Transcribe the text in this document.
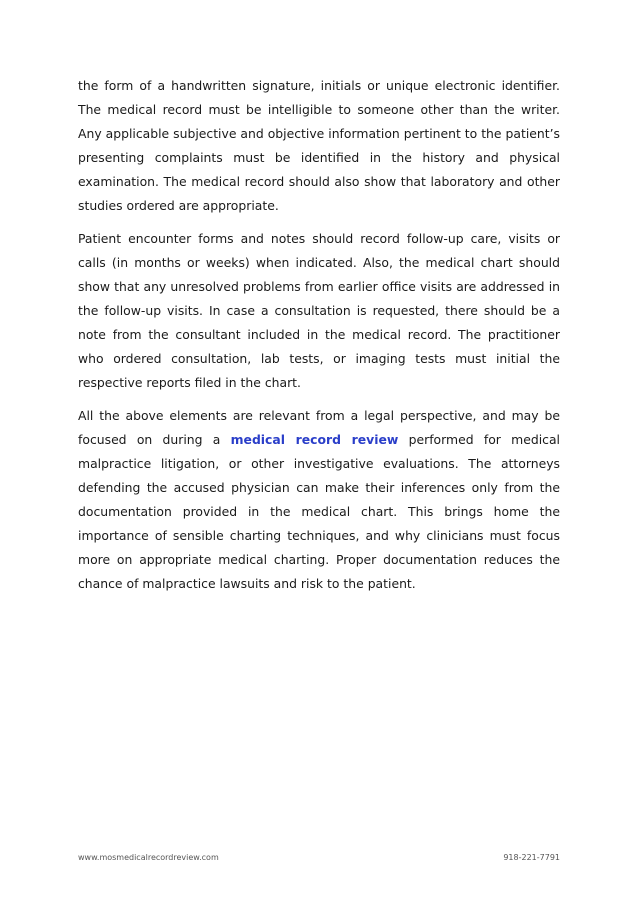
the form of a handwritten signature, initials or unique electronic identifier. The medical record must be intelligible to someone other than the writer. Any applicable subjective and objective information pertinent to the patient’s presenting complaints must be identified in the history and physical examination. The medical record should also show that laboratory and other studies ordered are appropriate.

Patient encounter forms and notes should record follow-up care, visits or calls (in months or weeks) when indicated. Also, the medical chart should show that any unresolved problems from earlier office visits are addressed in the follow-up visits. In case a consultation is requested, there should be a note from the consultant included in the medical record. The practitioner who ordered consultation, lab tests, or imaging tests must initial the respective reports filed in the chart.

All the above elements are relevant from a legal perspective, and may be focused on during a medical record review performed for medical malpractice litigation, or other investigative evaluations. The attorneys defending the accused physician can make their inferences only from the documentation provided in the medical chart. This brings home the importance of sensible charting techniques, and why clinicians must focus more on appropriate medical charting. Proper documentation reduces the chance of malpractice lawsuits and risk to the patient.

www.mosmedicalrecordreview.com	918-221-7791
